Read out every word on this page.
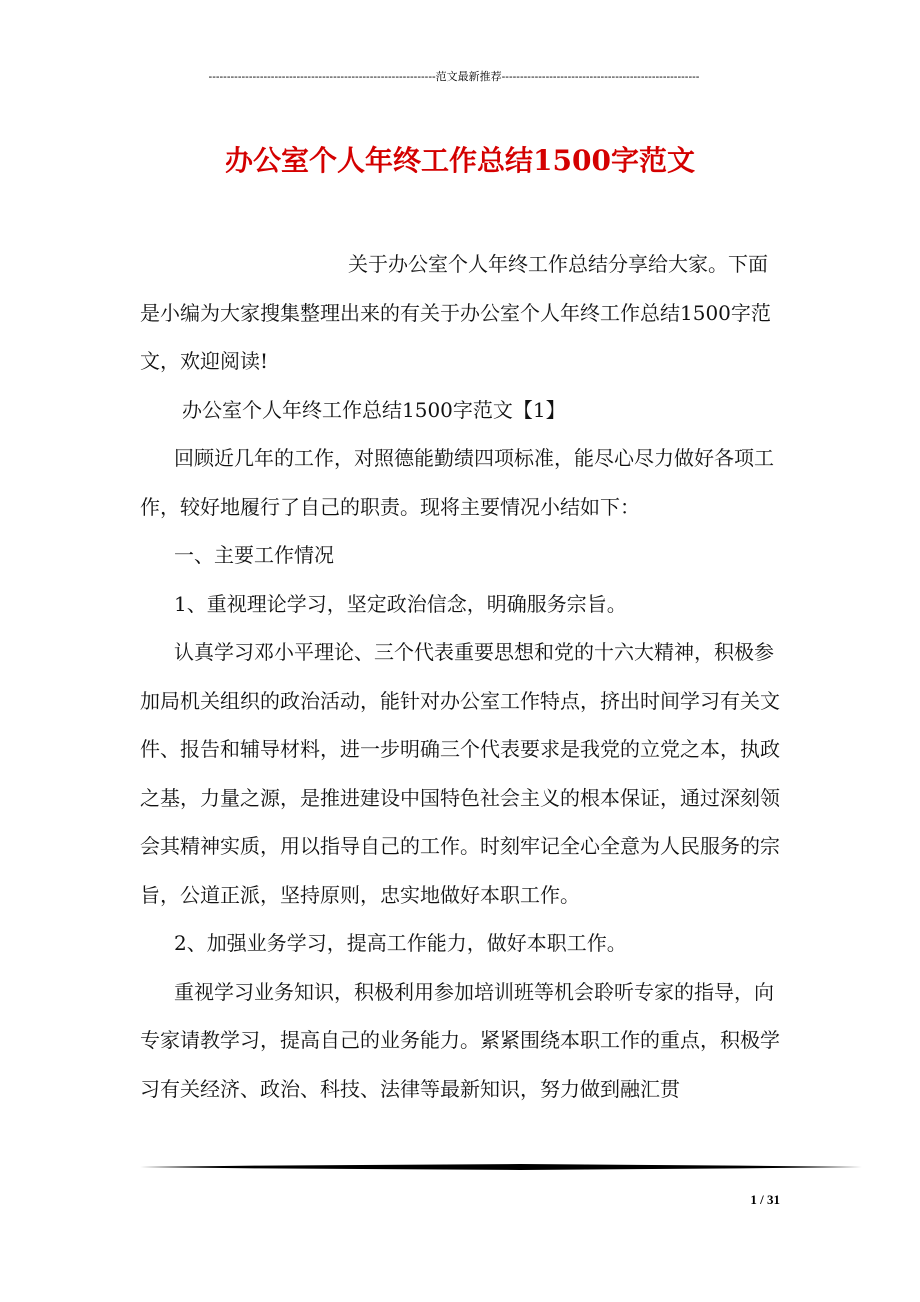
--------------------------------------------------------------范文最新推荐------------------------------------------------------
办公室个人年终工作总结1500字范文

关于办公室个人年终工作总结分享给大家。下面是小编为大家搜集整理出来的有关于办公室个人年终工作总结1500字范文，欢迎阅读!

办公室个人年终工作总结1500字范文【1】

回顾近几年的工作，对照德能勤绩四项标准，能尽心尽力做好各项工作，较好地履行了自己的职责。现将主要情况小结如下：

一、主要工作情况

1、重视理论学习，坚定政治信念，明确服务宗旨。

认真学习邓小平理论、三个代表重要思想和党的十六大精神，积极参加局机关组织的政治活动，能针对办公室工作特点，挤出时间学习有关文件、报告和辅导材料，进一步明确三个代表要求是我党的立党之本，执政之基，力量之源，是推进建设中国特色社会主义的根本保证，通过深刻领会其精神实质，用以指导自己的工作。时刻牢记全心全意为人民服务的宗旨，公道正派，坚持原则，忠实地做好本职工作。

2、加强业务学习，提高工作能力，做好本职工作。

重视学习业务知识，积极利用参加培训班等机会聆听专家的指导，向专家请教学习，提高自己的业务能力。紧紧围绕本职工作的重点，积极学习有关经济、政治、科技、法律等最新知识，努力做到融汇贯

1 / 31
